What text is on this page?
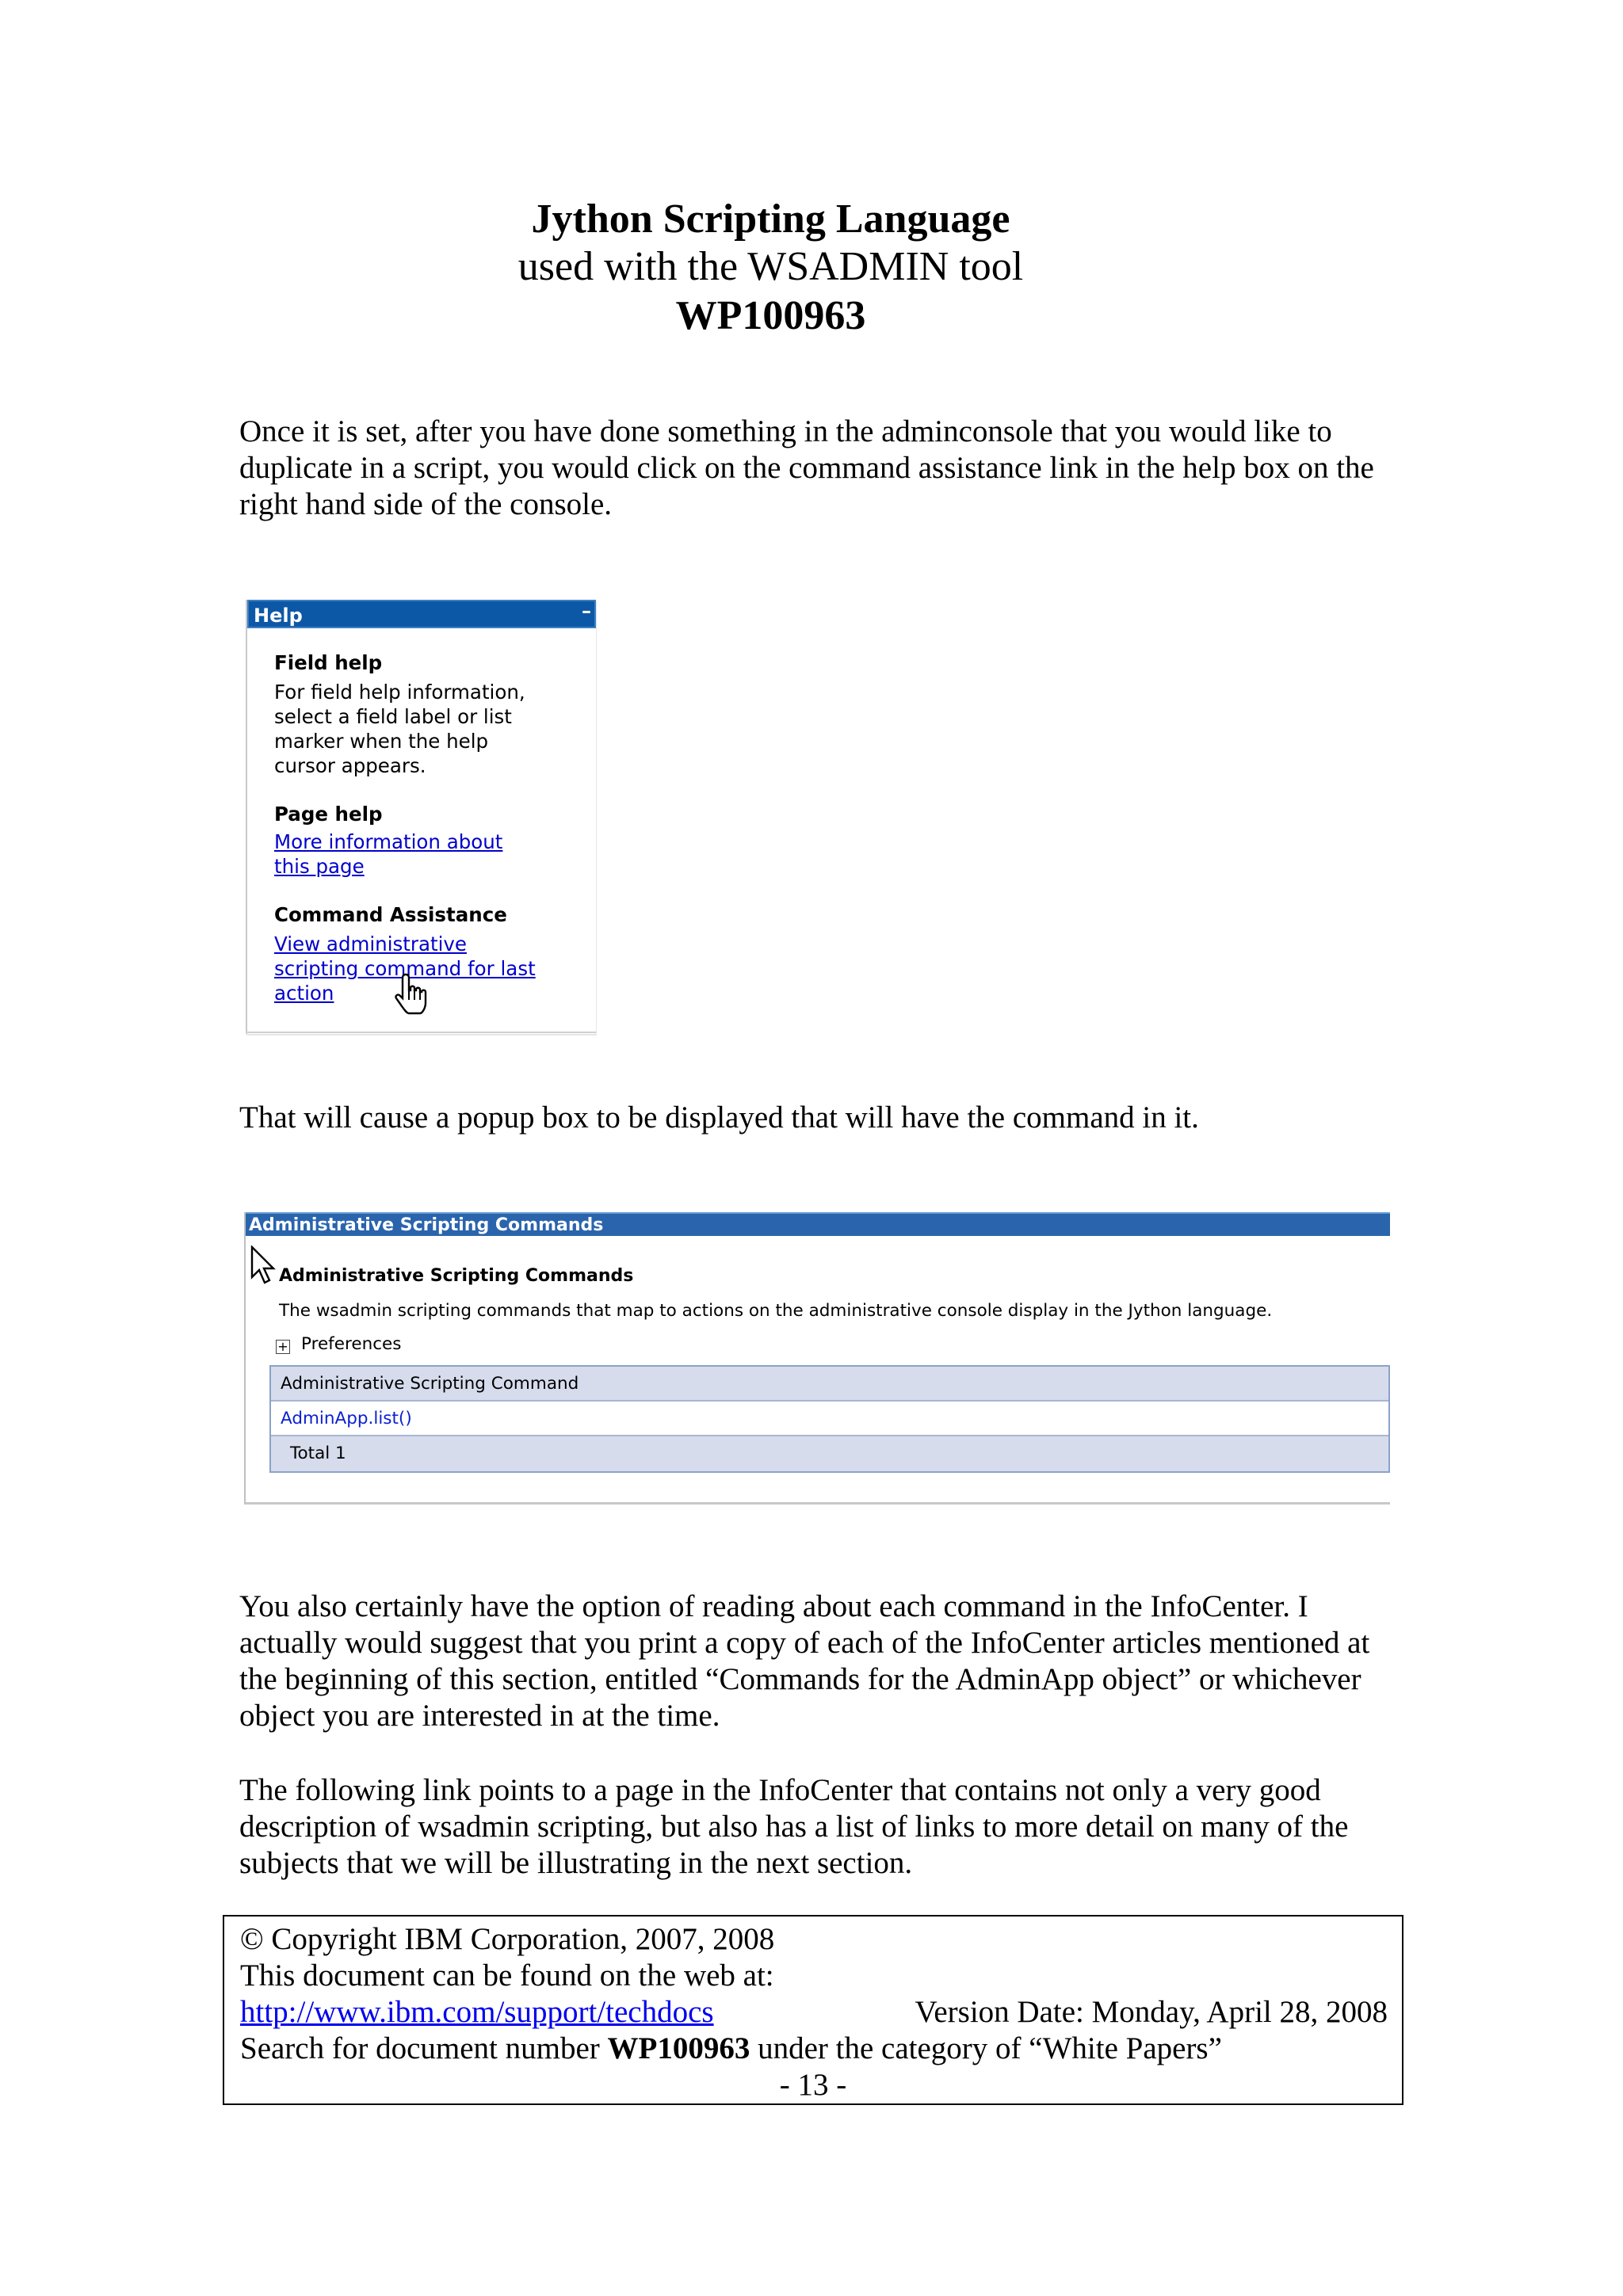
Jython Scripting Language
used with the WSADMIN tool
WP100963
Once it is set, after you have done something in the adminconsole that you would like to duplicate in a script, you would click on the command assistance link in the help box on the right hand side of the console.
Help	–
Field help
For field help information,
select a field label or list
marker when the help
cursor appears.
Page help
More information about
this page
Command Assistance
View administrative
scripting command for last
action
That will cause a popup box to be displayed that will have the command in it.
Administrative Scripting Commands
Administrative Scripting Commands
The wsadmin scripting commands that map to actions on the administrative console display in the Jython language.
+ Preferences
Administrative Scripting Command
AdminApp.list()
Total 1
You also certainly have the option of reading about each command in the InfoCenter. I actually would suggest that you print a copy of each of the InfoCenter articles mentioned at the beginning of this section, entitled “Commands for the AdminApp object” or whichever object you are interested in at the time.
The following link points to a page in the InfoCenter that contains not only a very good description of wsadmin scripting, but also has a list of links to more detail on many of the subjects that we will be illustrating in the next section.
© Copyright IBM Corporation, 2007, 2008
This document can be found on the web at:
http://www.ibm.com/support/techdocs	Version Date: Monday, April 28, 2008
Search for document number WP100963 under the category of “White Papers”
- 13 -
